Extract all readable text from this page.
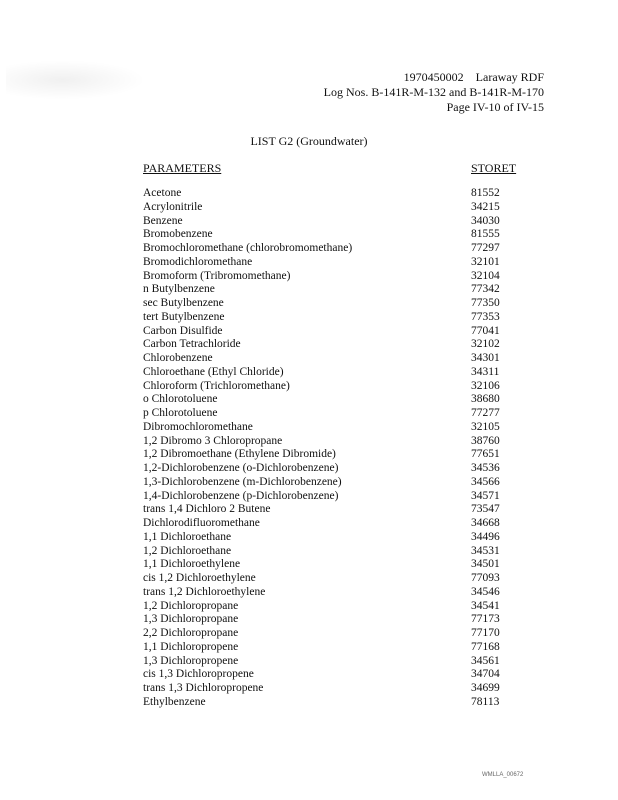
1970450002    Laraway RDF
Log Nos. B-141R-M-132 and B-141R-M-170
Page IV-10 of IV-15
LIST G2 (Groundwater)
PARAMETERS	STORET
Acetone	81552
Acrylonitrile	34215
Benzene	34030
Bromobenzene	81555
Bromochloromethane (chlorobromomethane)	77297
Bromodichloromethane	32101
Bromoform (Tribromomethane)	32104
n Butylbenzene	77342
sec Butylbenzene	77350
tert Butylbenzene	77353
Carbon Disulfide	77041
Carbon Tetrachloride	32102
Chlorobenzene	34301
Chloroethane (Ethyl Chloride)	34311
Chloroform (Trichloromethane)	32106
o Chlorotoluene	38680
p Chlorotoluene	77277
Dibromochloromethane	32105
1,2 Dibromo 3 Chloropropane	38760
1,2 Dibromoethane (Ethylene Dibromide)	77651
1,2-Dichlorobenzene (o-Dichlorobenzene)	34536
1,3-Dichlorobenzene (m-Dichlorobenzene)	34566
1,4-Dichlorobenzene (p-Dichlorobenzene)	34571
trans 1,4 Dichloro 2 Butene	73547
Dichlorodifluoromethane	34668
1,1 Dichloroethane	34496
1,2 Dichloroethane	34531
1,1 Dichloroethylene	34501
cis 1,2 Dichloroethylene	77093
trans 1,2 Dichloroethylene	34546
1,2 Dichloropropane	34541
1,3 Dichloropropane	77173
2,2 Dichloropropane	77170
1,1 Dichloropropene	77168
1,3 Dichloropropene	34561
cis 1,3 Dichloropropene	34704
trans 1,3 Dichloropropene	34699
Ethylbenzene	78113
WMLLA_00672
